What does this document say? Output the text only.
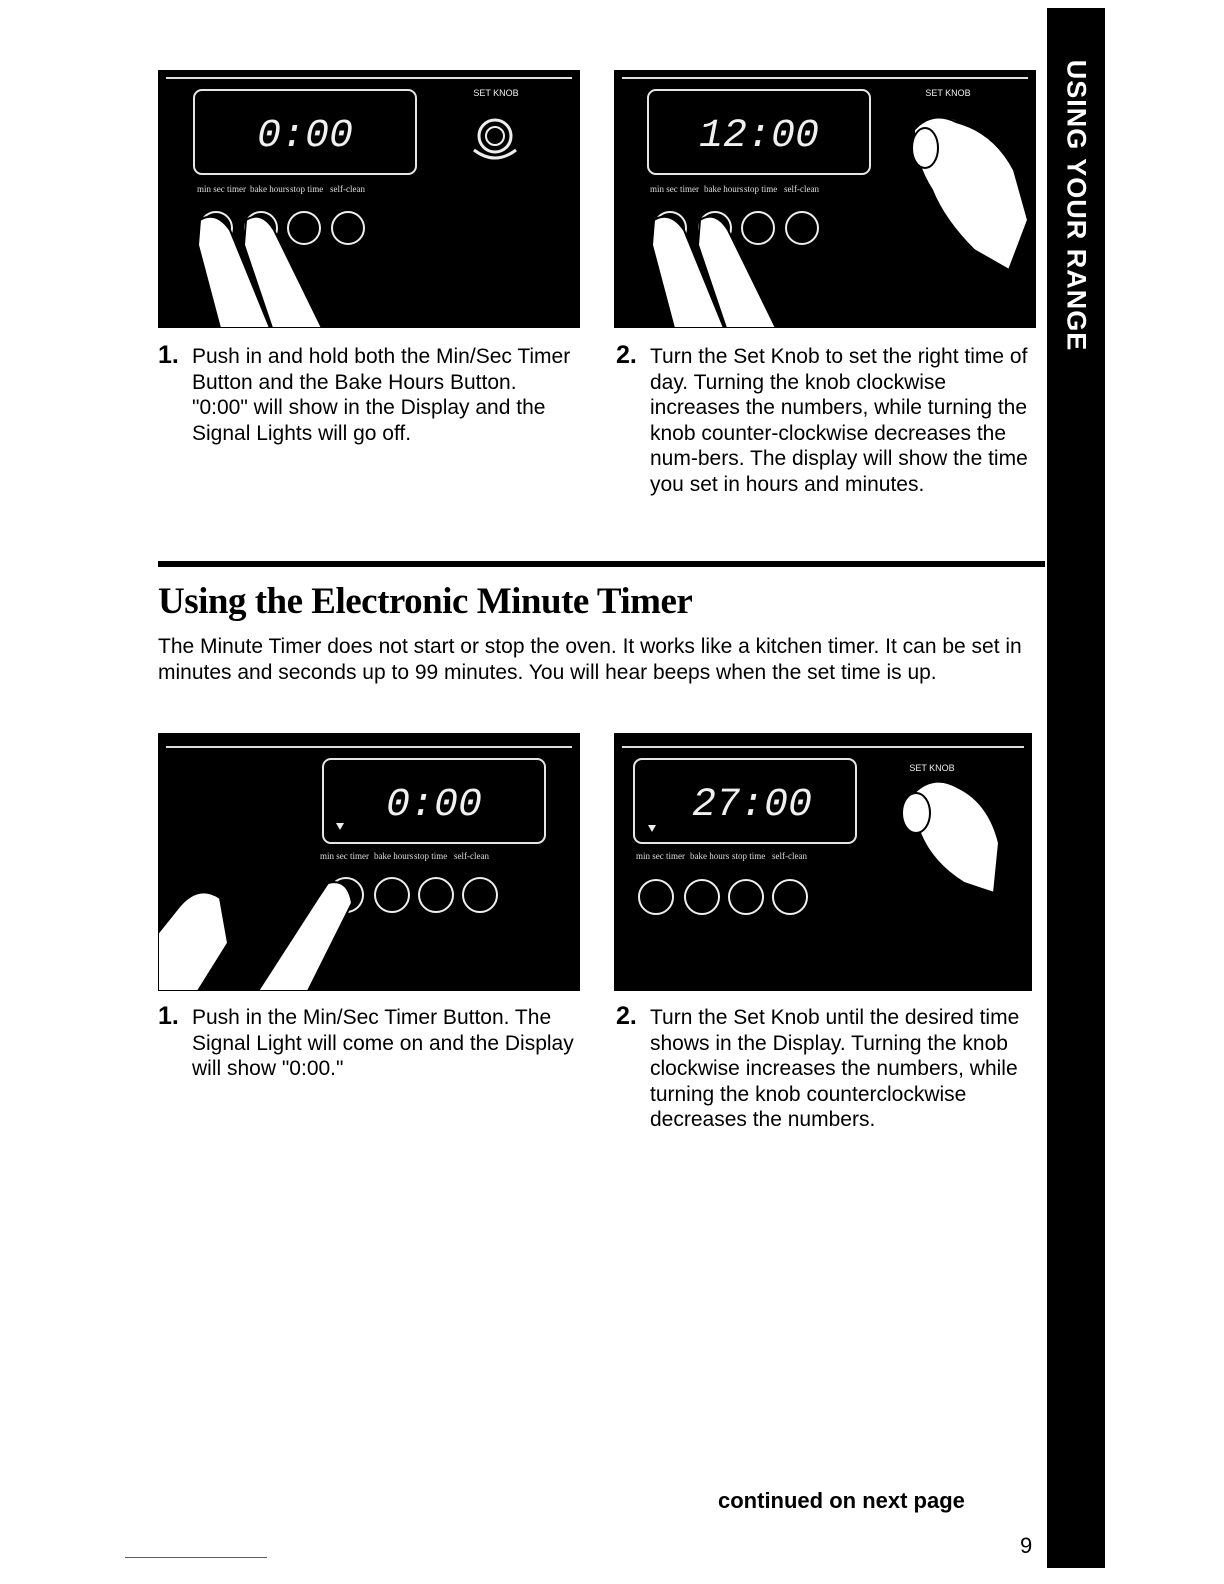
USING YOUR RANGE
0:00
SET KNOB
min sec timer bake hours stop time self-clean
12:00
SET KNOB
min sec timer bake hours stop time self-clean
1. Push in and hold both the Min/Sec Timer Button and the Bake Hours Button. "0:00" will show in the Display and the Signal Lights will go off.
2. Turn the Set Knob to set the right time of day. Turning the knob clockwise increases the numbers, while turning the knob counter-clockwise decreases the num-bers. The display will show the time you set in hours and minutes.
Using the Electronic Minute Timer

The Minute Timer does not start or stop the oven. It works like a kitchen timer. It can be set in minutes and seconds up to 99 minutes. You will hear beeps when the set time is up.

0:00
min sec timer bake hours stop time self-clean
27:00
SET KNOB
min sec timer bake hours stop time self-clean
1. Push in the Min/Sec Timer Button. The Signal Light will come on and the Display will show "0:00."
2. Turn the Set Knob until the desired time shows in the Display. Turning the knob clockwise increases the numbers, while turning the knob counterclockwise decreases the numbers.
continued on next page
9
